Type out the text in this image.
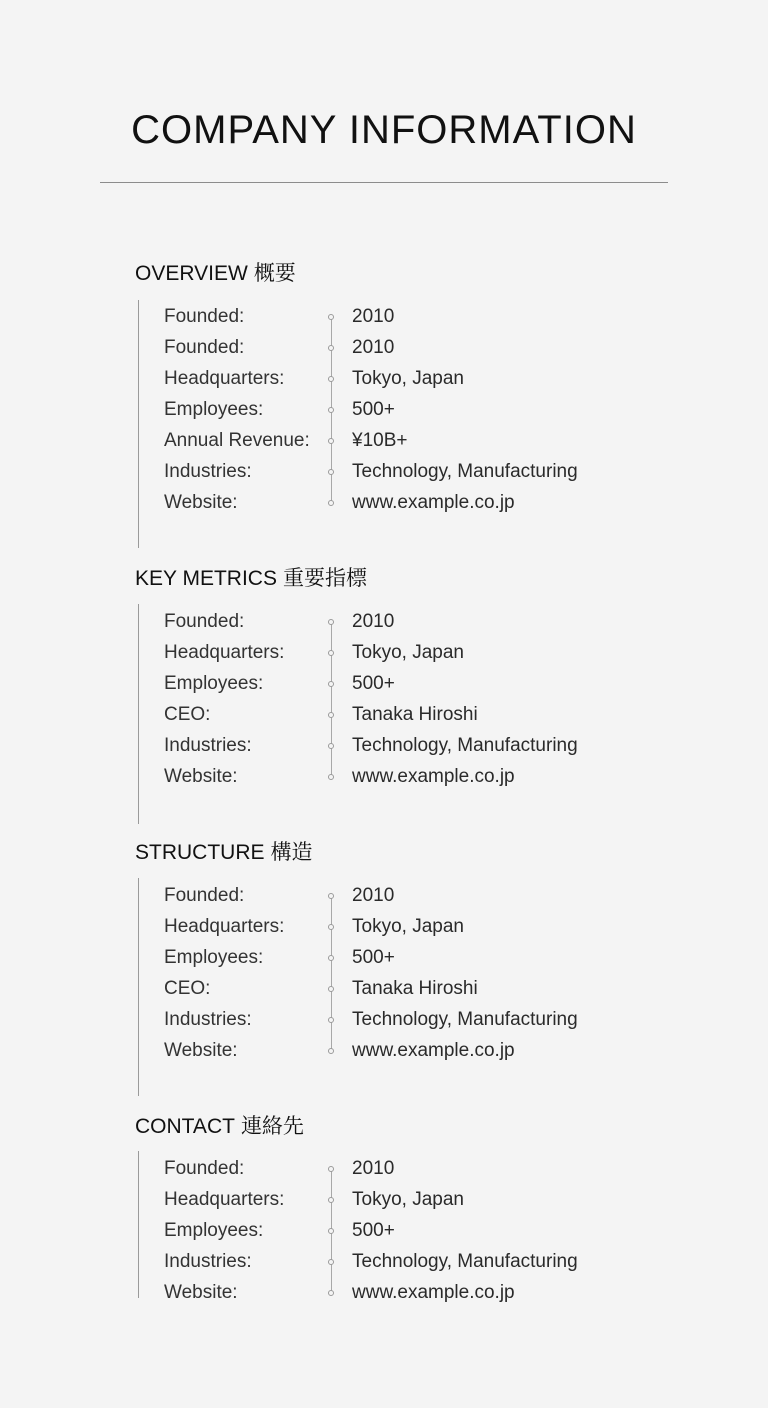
COMPANY INFORMATION
OVERVIEW 概要
Founded:	2010
Founded:	2010
Headquarters:	Tokyo, Japan
Employees:	500+
Annual Revenue: ¥10B+
Industries:	Technology, Manufacturing
Website:	www.example.co.jp
KEY METRICS 重要指標
Founded:	2010
Headquarters:	Tokyo, Japan
Employees:	500+
CEO:	Tanaka Hiroshi
Industries:	Technology, Manufacturing
Website:	www.example.co.jp
STRUCTURE 構造
Founded:	2010
Headquarters:	Tokyo, Japan
Employees:	500+
CEO:	Tanaka Hiroshi
Industries:	Technology, Manufacturing
Website:	www.example.co.jp
CONTACT 連絡先
Founded:	2010
Headquarters:	Tokyo, Japan
Employees:	500+
Industries:	Technology, Manufacturing
Website:	www.example.co.jp
